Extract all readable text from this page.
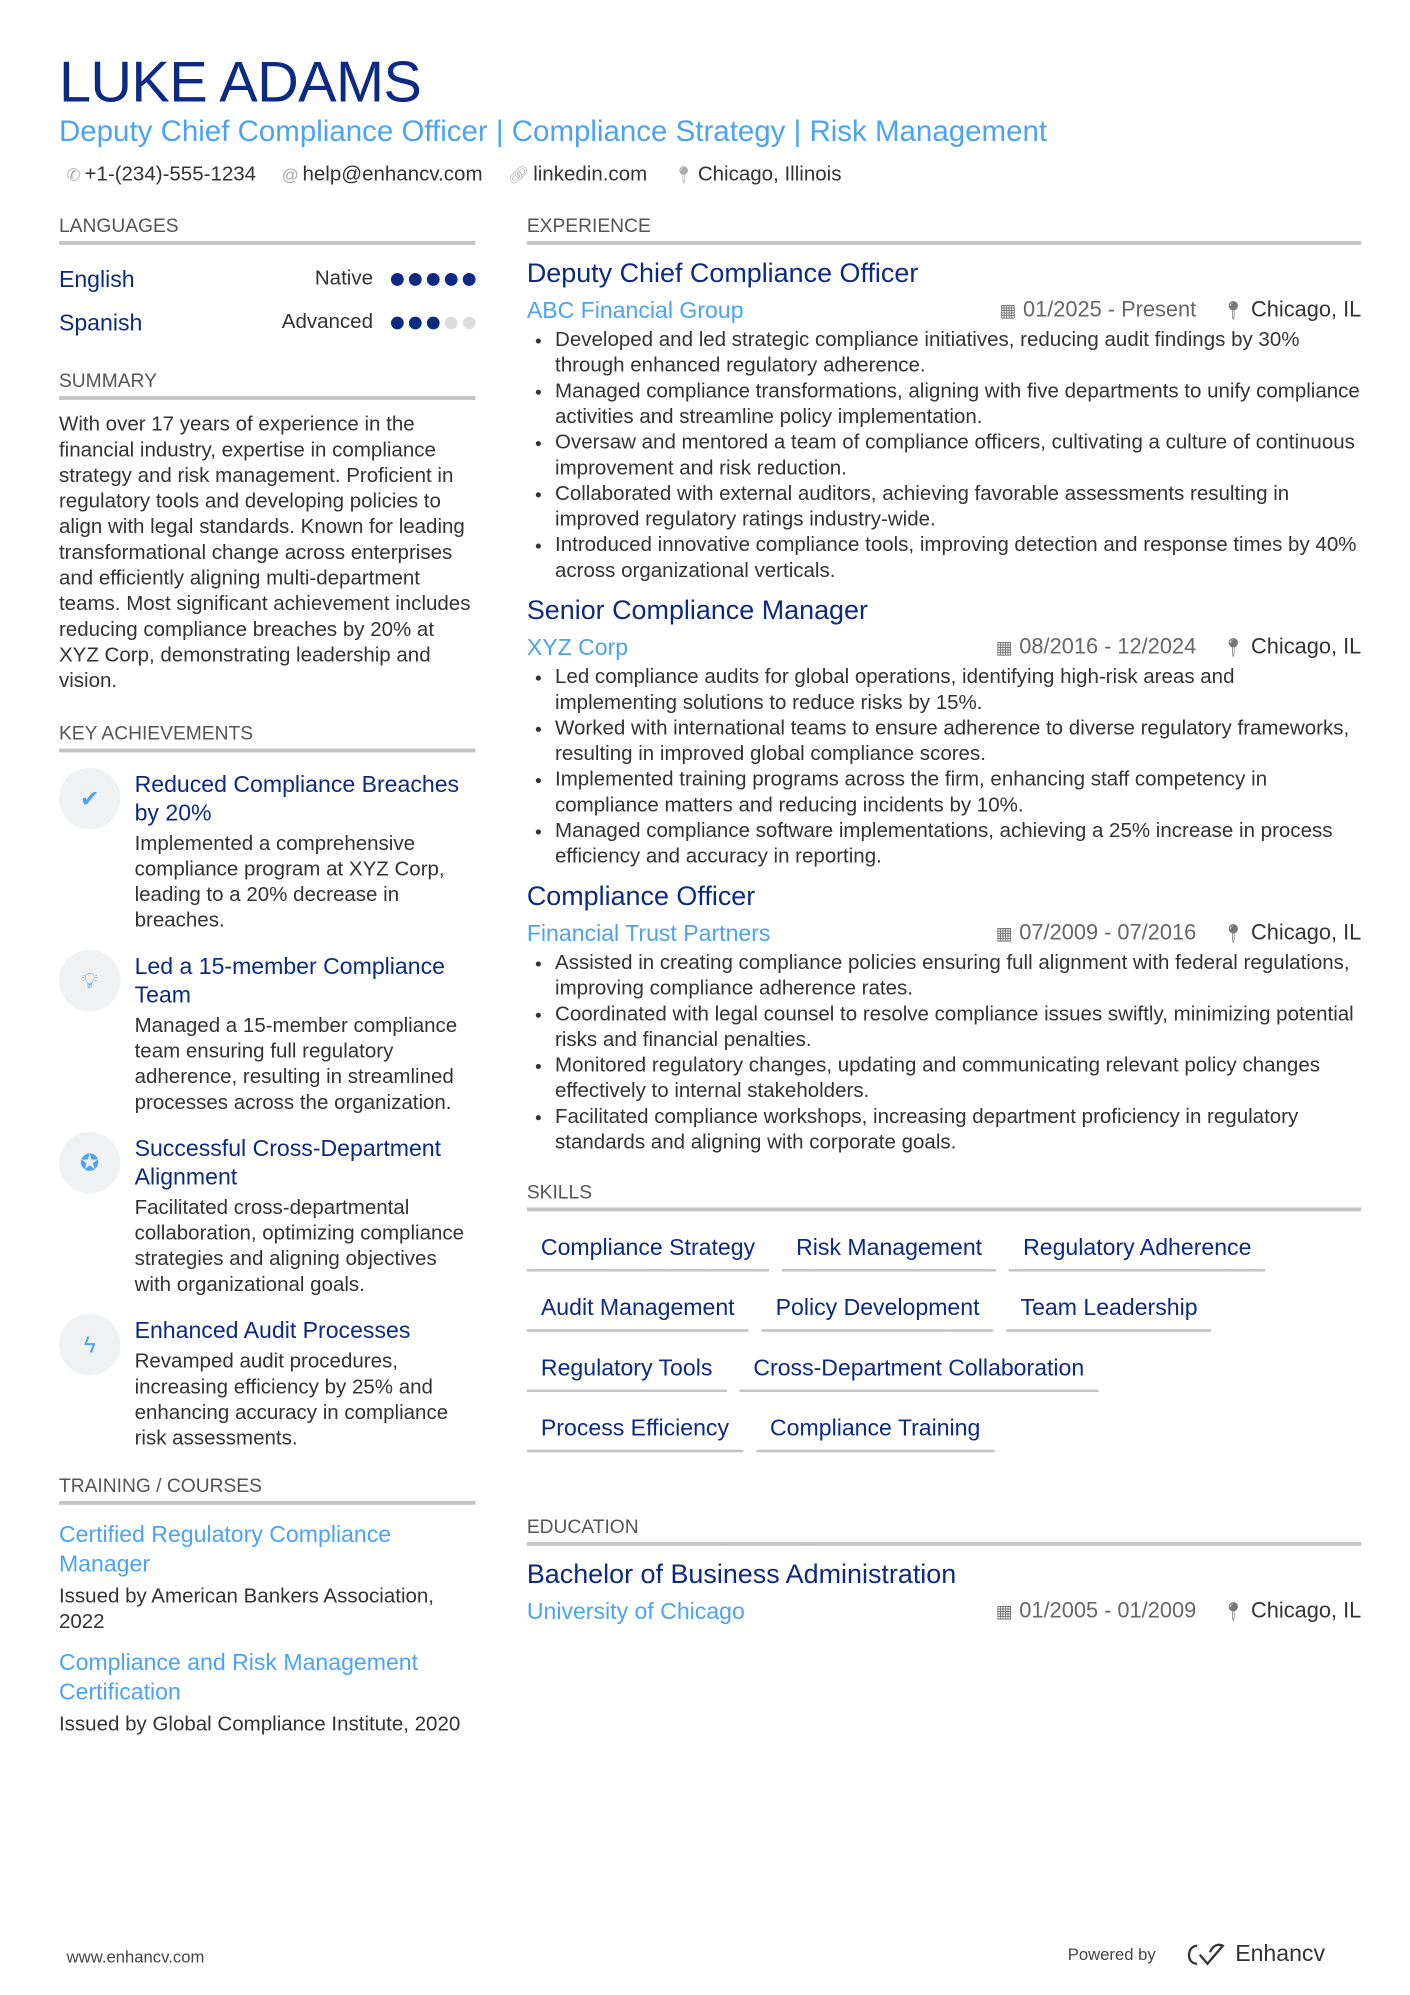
LUKE ADAMS
Deputy Chief Compliance Officer | Compliance Strategy | Risk Management
✆ +1-(234)-555-1234 @ help@enhancv.com 🔗︎ linkedin.com 📍︎ Chicago, Illinois
LANGUAGES
English	Native
Spanish	Advanced
SUMMARY
With over 17 years of experience in the financial industry, expertise in compliance strategy and risk management. Proficient in regulatory tools and developing policies to align with legal standards. Known for leading transformational change across enterprises and efficiently aligning multi-department teams. Most significant achievement includes reducing compliance breaches by 20% at XYZ Corp, demonstrating leadership and vision.
KEY ACHIEVEMENTS
✔
Reduced Compliance Breaches by 20%
Implemented a comprehensive compliance program at XYZ Corp, leading to a 20% decrease in breaches.
💡︎
Led a 15-member Compliance Team
Managed a 15-member compliance team ensuring full regulatory adherence, resulting in streamlined processes across the organization.
✪
Successful Cross-Department Alignment
Facilitated cross-departmental collaboration, optimizing compliance strategies and aligning objectives with organizational goals.
ϟ
Enhanced Audit Processes
Revamped audit procedures, increasing efficiency by 25% and enhancing accuracy in compliance risk assessments.
TRAINING / COURSES
Certified Regulatory Compliance Manager
Issued by American Bankers Association, 2022
Compliance and Risk Management Certification
Issued by Global Compliance Institute, 2020
EXPERIENCE
Deputy Chief Compliance Officer
ABC Financial Group	▦ 01/2025 - Present 📍︎ Chicago, IL
• Developed and led strategic compliance initiatives, reducing audit findings by 30% through enhanced regulatory adherence.
• Managed compliance transformations, aligning with five departments to unify compliance activities and streamline policy implementation.
• Oversaw and mentored a team of compliance officers, cultivating a culture of continuous improvement and risk reduction.
• Collaborated with external auditors, achieving favorable assessments resulting in improved regulatory ratings industry-wide.
• Introduced innovative compliance tools, improving detection and response times by 40% across organizational verticals.
Senior Compliance Manager
XYZ Corp	▦ 08/2016 - 12/2024 📍︎ Chicago, IL
• Led compliance audits for global operations, identifying high-risk areas and implementing solutions to reduce risks by 15%.
• Worked with international teams to ensure adherence to diverse regulatory frameworks, resulting in improved global compliance scores.
• Implemented training programs across the firm, enhancing staff competency in compliance matters and reducing incidents by 10%.
• Managed compliance software implementations, achieving a 25% increase in process efficiency and accuracy in reporting.
Compliance Officer
Financial Trust Partners	▦ 07/2009 - 07/2016 📍︎ Chicago, IL
• Assisted in creating compliance policies ensuring full alignment with federal regulations, improving compliance adherence rates.
• Coordinated with legal counsel to resolve compliance issues swiftly, minimizing potential risks and financial penalties.
• Monitored regulatory changes, updating and communicating relevant policy changes effectively to internal stakeholders.
• Facilitated compliance workshops, increasing department proficiency in regulatory standards and aligning with corporate goals.
SKILLS
Compliance Strategy	Risk Management	Regulatory Adherence
Audit Management	Policy Development	Team Leadership
Regulatory Tools	Cross-Department Collaboration
Process Efficiency	Compliance Training
EDUCATION
Bachelor of Business Administration
University of Chicago	▦ 01/2005 - 01/2009 📍︎ Chicago, IL
www.enhancv.com	Powered by	Enhancv
